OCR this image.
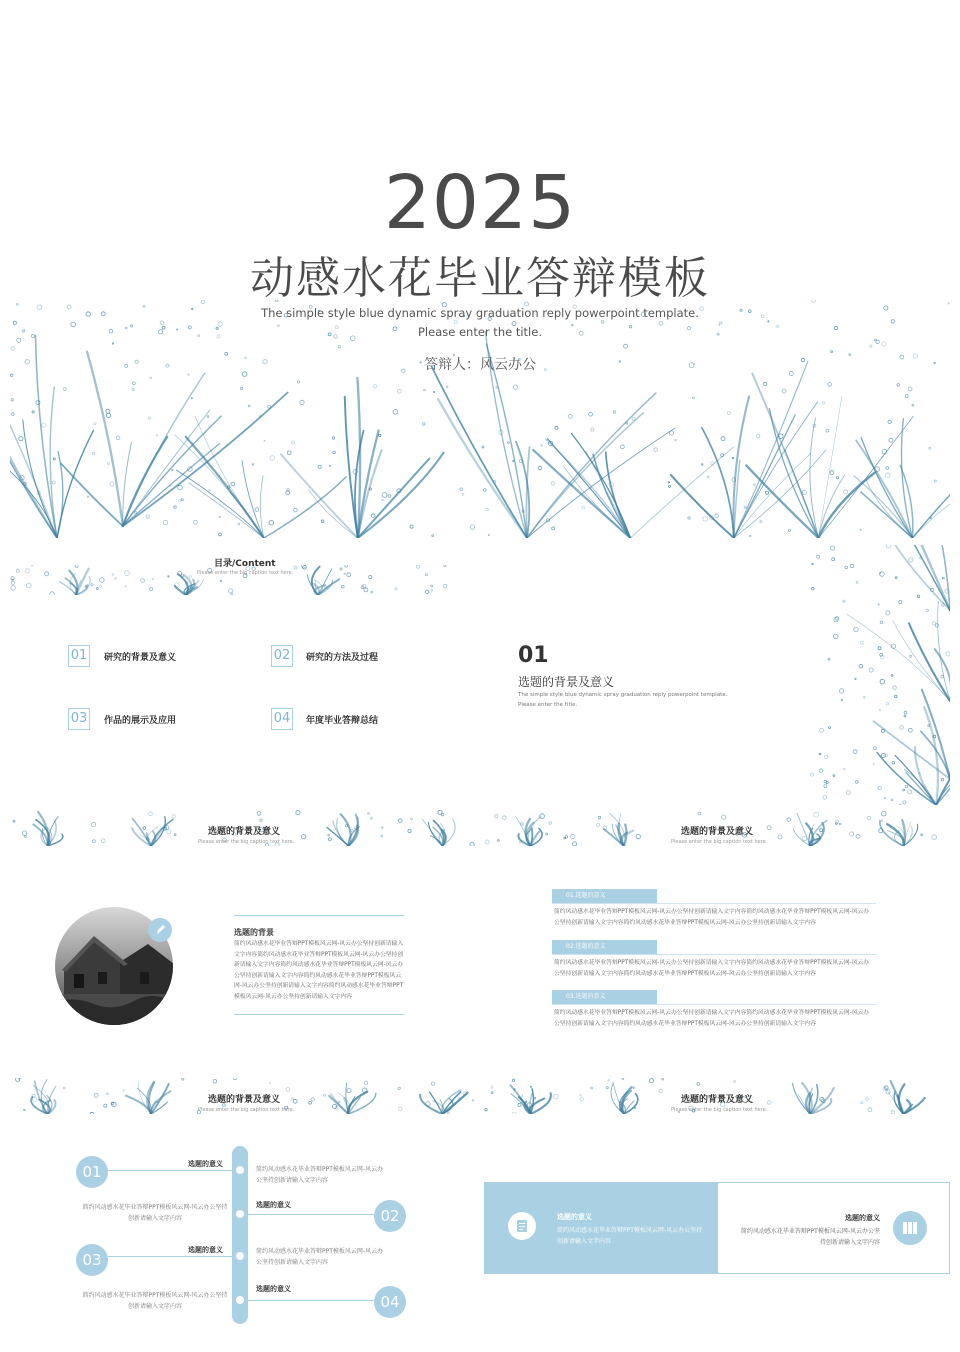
2025
动感水花毕业答辩模板
The simple style blue dynamic spray graduation reply powerpoint template. Please enter the title.
答辩人：风云办公
目录/Content
Please enter the big caption text here.
01	研究的背景及意义	02	研究的方法及过程
03	作品的展示及应用	04	年度毕业答辩总结
01
选题的背景及意义
The simple style blue dynamic spray graduation reply powerpoint template.
Please enter the title.
选题的背景及意义
Please enter the big caption text here.
选题的背景
简约风动感水花毕业答辩PPT模板风云网-风云办公坚持创新请输入文字内容简约风动感水花毕业答辩PPT模板风云网-风云办公坚持创新请输入文字内容简约风动感水花毕业答辩PPT模板风云网-风云办公坚持创新请输入文字内容简约风动感水花毕业答辩PPT模板风云网-风云办公坚持创新请输入文字内容简约风动感水花毕业答辩PPT模板风云网-风云办公坚持创新请输入文字内容
选题的背景及意义
Please enter the big caption text here.
01.选题的意义
简约风动感水花毕业答辩PPT模板风云网-风云办公坚持创新请输入文字内容简约风动感水花毕业答辩PPT模板风云网-风云办公坚持创新请输入文字内容简约风动感水花毕业答辩PPT模板风云网-风云办公坚持创新请输入文字内容
02.选题的意义
简约风动感水花毕业答辩PPT模板风云网-风云办公坚持创新请输入文字内容简约风动感水花毕业答辩PPT模板风云网-风云办公坚持创新请输入文字内容简约风动感水花毕业答辩PPT模板风云网-风云办公坚持创新请输入文字内容
03.选题的意义
简约风动感水花毕业答辩PPT模板风云网-风云办公坚持创新请输入文字内容简约风动感水花毕业答辩PPT模板风云网-风云办公坚持创新请输入文字内容简约风动感水花毕业答辩PPT模板风云网-风云办公坚持创新请输入文字内容
选题的背景及意义
Please enter the big caption text here.
01	选题的意义
简约风动感水花毕业答辩PPT模板风云网-风云办公坚持创新请输入文字内容
02
选题的意义
简约风动感水花毕业答辩PPT模板风云网-风云办公坚持创新请输入文字内容
03
选题的意义	简约风动感水花毕业答辩PPT模板风云网-风云办公坚持创新请输入文字内容
04
选题的意义
简约风动感水花毕业答辩PPT模板风云网-风云办公坚持创新请输入文字内容
选题的背景及意义
Please enter the big caption text here.
选题的意义
简约风动感水花毕业答辩PPT模板风云网-风云办公坚持创新请输入文字内容
选题的意义
简约风动感水花毕业答辩PPT模板风云网-风云办公坚持创新请输入文字内容
